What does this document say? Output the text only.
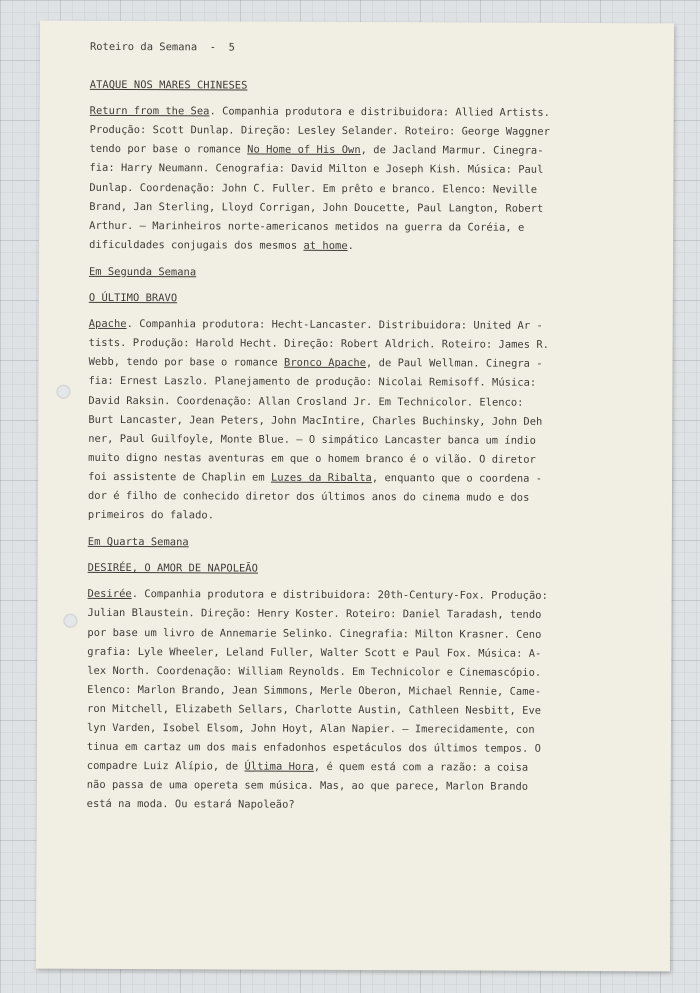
Roteiro da Semana  -  5
ATAQUE NOS MARES CHINESES
Return from the Sea. Companhia produtora e distribuidora: Allied Artists.
Produção: Scott Dunlap. Direção: Lesley Selander. Roteiro: George Waggner
tendo por base o romance No Home of His Own, de Jacland Marmur. Cinegra-
fia: Harry Neumann. Cenografia: David Milton e Joseph Kish. Música: Paul
Dunlap. Coordenação: John C. Fuller. Em prêto e branco. Elenco: Neville
Brand, Jan Sterling, Lloyd Corrigan, John Doucette, Paul Langton, Robert
Arthur. — Marinheiros norte-americanos metidos na guerra da Coréia, e
dificuldades conjugais dos mesmos at home.
Em Segunda Semana
O ÚLTIMO BRAVO
Apache. Companhia produtora: Hecht-Lancaster. Distribuidora: United Ar -
tists. Produção: Harold Hecht. Direção: Robert Aldrich. Roteiro: James R.
Webb, tendo por base o romance Bronco Apache, de Paul Wellman. Cinegra -
fia: Ernest Laszlo. Planejamento de produção: Nicolai Remisoff. Música:
David Raksin. Coordenação: Allan Crosland Jr. Em Technicolor. Elenco:
Burt Lancaster, Jean Peters, John MacIntire, Charles Buchinsky, John Deh
ner, Paul Guilfoyle, Monte Blue. — O simpático Lancaster banca um índio
muito digno nestas aventuras em que o homem branco é o vilão. O diretor
foi assistente de Chaplin em Luzes da Ribalta, enquanto que o coordena -
dor é filho de conhecido diretor dos últimos anos do cinema mudo e dos
primeiros do falado.
Em Quarta Semana
DESIRÉE, O AMOR DE NAPOLEÃO
Desirée. Companhia produtora e distribuidora: 20th-Century-Fox. Produção:
Julian Blaustein. Direção: Henry Koster. Roteiro: Daniel Taradash, tendo
por base um livro de Annemarie Selinko. Cinegrafia: Milton Krasner. Ceno
grafia: Lyle Wheeler, Leland Fuller, Walter Scott e Paul Fox. Música: A-
lex North. Coordenação: William Reynolds. Em Technicolor e Cinemascópio.
Elenco: Marlon Brando, Jean Simmons, Merle Oberon, Michael Rennie, Came-
ron Mitchell, Elizabeth Sellars, Charlotte Austin, Cathleen Nesbitt, Eve
lyn Varden, Isobel Elsom, John Hoyt, Alan Napier. — Imerecidamente, con
tinua em cartaz um dos mais enfadonhos espetáculos dos últimos tempos. O
compadre Luiz Alípio, de Última Hora, é quem está com a razão: a coisa
não passa de uma opereta sem música. Mas, ao que parece, Marlon Brando
está na moda. Ou estará Napoleão?
